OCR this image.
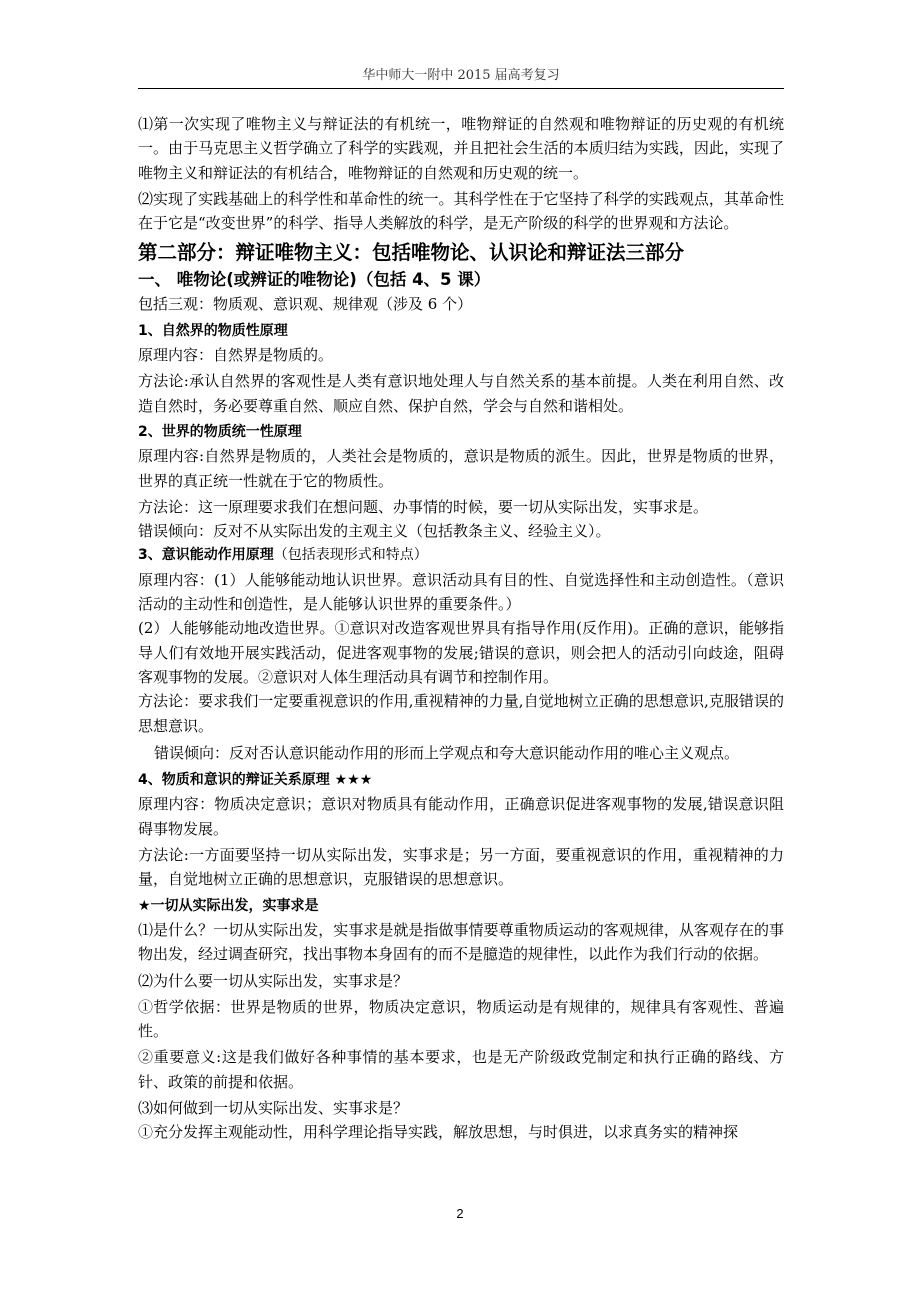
华中师大一附中 2015 届高考复习

⑴第一次实现了唯物主义与辩证法的有机统一，唯物辩证的自然观和唯物辩证的历史观的有机统一。由于马克思主义哲学确立了科学的实践观，并且把社会生活的本质归结为实践，因此，实现了唯物主义和辩证法的有机结合，唯物辩证的自然观和历史观的统一。

⑵实现了实践基础上的科学性和革命性的统一。其科学性在于它坚持了科学的实践观点，其革命性在于它是“改变世界”的科学、指导人类解放的科学，是无产阶级的科学的世界观和方法论。

第二部分：辩证唯物主义：包括唯物论、认识论和辩证法三部分
一、 唯物论(或辨证的唯物论)（包括 4、5 课）

包括三观：物质观、意识观、规律观（涉及 6 个）

1、自然界的物质性原理

原理内容：自然界是物质的。

方法论:承认自然界的客观性是人类有意识地处理人与自然关系的基本前提。人类在利用自然、改造自然时，务必要尊重自然、顺应自然、保护自然，学会与自然和谐相处。

2、世界的物质统一性原理

原理内容:自然界是物质的，人类社会是物质的，意识是物质的派生。因此，世界是物质的世界，世界的真正统一性就在于它的物质性。

方法论：这一原理要求我们在想问题、办事情的时候，要一切从实际出发，实事求是。

错误倾向：反对不从实际出发的主观主义（包括教条主义、经验主义）。

3、意识能动作用原理（包括表现形式和特点）

原理内容：(1）人能够能动地认识世界。意识活动具有目的性、自觉选择性和主动创造性。（意识活动的主动性和创造性，是人能够认识世界的重要条件。）

(2）人能够能动地改造世界。①意识对改造客观世界具有指导作用(反作用)。正确的意识，能够指导人们有效地开展实践活动，促进客观事物的发展;错误的意识，则会把人的活动引向歧途，阻碍客观事物的发展。②意识对人体生理活动具有调节和控制作用。

方法论：要求我们一定要重视意识的作用,重视精神的力量,自觉地树立正确的思想意识,克服错误的思想意识。

错误倾向：反对否认意识能动作用的形而上学观点和夸大意识能动作用的唯心主义观点。

4、物质和意识的辩证关系原理 ★★★

原理内容：物质决定意识；意识对物质具有能动作用，正确意识促进客观事物的发展,错误意识阻碍事物发展。

方法论:一方面要坚持一切从实际出发，实事求是；另一方面，要重视意识的作用，重视精神的力量，自觉地树立正确的思想意识，克服错误的思想意识。

★一切从实际出发，实事求是

⑴是什么？一切从实际出发，实事求是就是指做事情要尊重物质运动的客观规律，从客观存在的事物出发，经过调查研究，找出事物本身固有的而不是臆造的规律性，以此作为我们行动的依据。

⑵为什么要一切从实际出发，实事求是？

①哲学依据：世界是物质的世界，物质决定意识，物质运动是有规律的，规律具有客观性、普遍性。

②重要意义:这是我们做好各种事情的基本要求，也是无产阶级政党制定和执行正确的路线、方针、政策的前提和依据。

⑶如何做到一切从实际出发、实事求是？

①充分发挥主观能动性，用科学理论指导实践，解放思想，与时俱进，以求真务实的精神探

2
